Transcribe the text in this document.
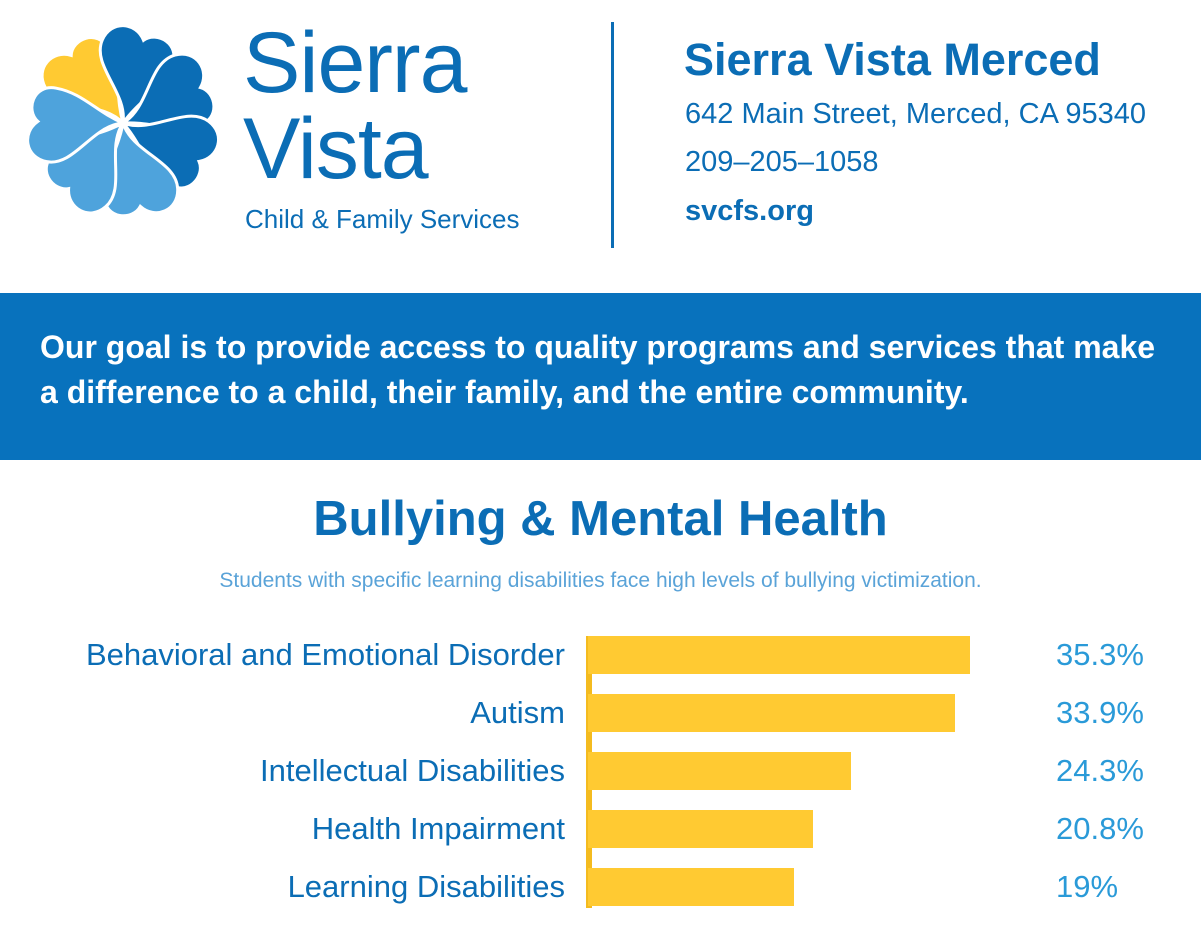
Sierra
Vista
Child & Family Services
Sierra Vista Merced
642 Main Street, Merced, CA 95340
209–205–1058
svcfs.org
Our goal is to provide access to quality programs and services that make a difference to a child, their family, and the entire community.
Bullying & Mental Health
Students with specific learning disabilities face high levels of bullying victimization.
Behavioral and Emotional Disorder	35.3%
Autism	33.9%
Intellectual Disabilities	24.3%
Health Impairment	20.8%
Learning Disabilities	19%
